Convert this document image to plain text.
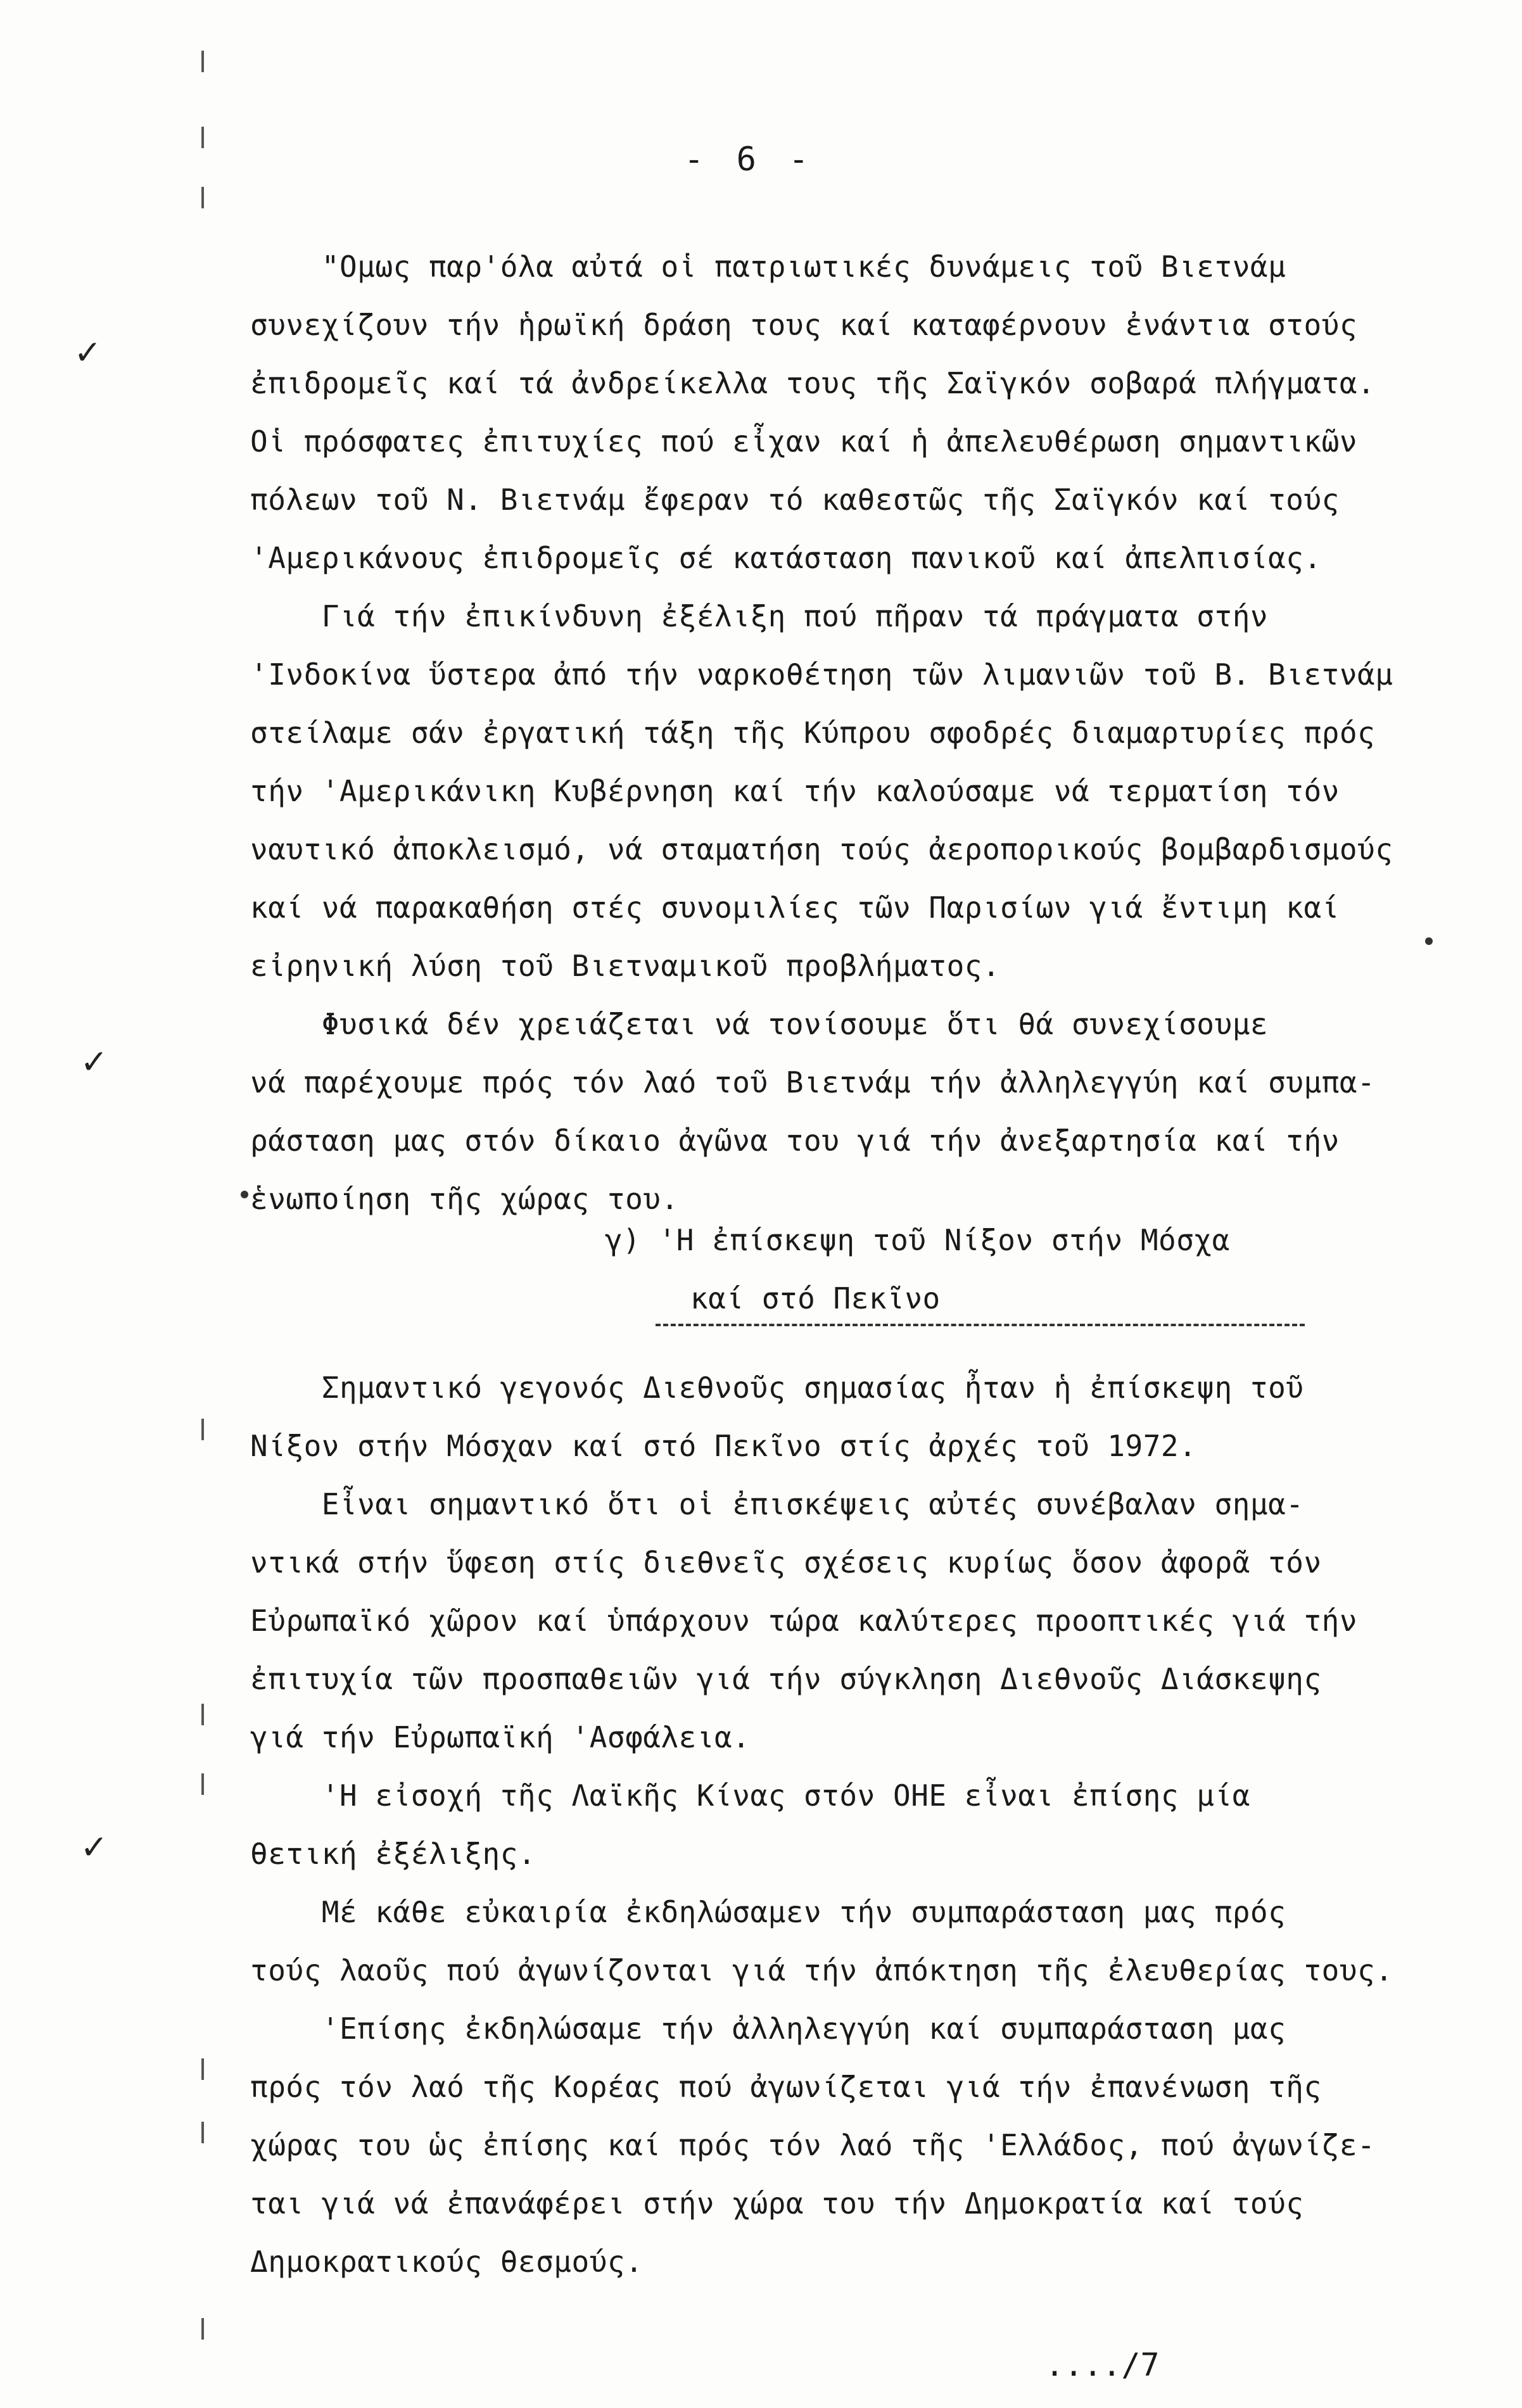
- 6 -
"Ομως παρ'όλα αὐτά οἱ πατριωτικές δυνάμεις τοῦ Βιετνάμ
συνεχίζουν τήν ἡρωϊκή δράση τους καί καταφέρνουν ἐνάντια στούς
ἐπιδρομεῖς καί τά ἀνδρείκελλα τους τῆς Σαϊγκόν σοβαρά πλήγματα.
Οἱ πρόσφατες ἐπιτυχίες πού εἶχαν καί ἡ ἀπελευθέρωση σημαντικῶν
πόλεων τοῦ Ν. Βιετνάμ ἔφεραν τό καθεστῶς τῆς Σαϊγκόν καί τούς
'Αμερικάνους ἐπιδρομεῖς σέ κατάσταση πανικοῦ καί ἀπελπισίας.
Γιά τήν ἐπικίνδυνη ἐξέλιξη πού πῆραν τά πράγματα στήν
'Ινδοκίνα ὕστερα ἀπό τήν ναρκοθέτηση τῶν λιμανιῶν τοῦ Β. Βιετνάμ
στείλαμε σάν ἐργατική τάξη τῆς Κύπρου σφοδρές διαμαρτυρίες πρός
τήν 'Αμερικάνικη Κυβέρνηση καί τήν καλούσαμε νά τερματίση τόν
ναυτικό ἀποκλεισμό, νά σταματήση τούς ἀεροπορικούς βομβαρδισμούς
καί νά παρακαθήση στές συνομιλίες τῶν Παρισίων γιά ἔντιμη καί
εἰρηνική λύση τοῦ Βιετναμικοῦ προβλήματος.
Φυσικά δέν χρειάζεται νά τονίσουμε ὅτι θά συνεχίσουμε
νά παρέχουμε πρός τόν λαό τοῦ Βιετνάμ τήν ἀλληλεγγύη καί συμπα-
ράσταση μας στόν δίκαιο ἀγῶνα του γιά τήν ἀνεξαρτησία καί τήν
ἑνωποίηση τῆς χώρας του.
γ) 'Η ἐπίσκεψη τοῦ Νίξον στήν Μόσχα
καί στό Πεκῖνο
Σημαντικό γεγονός Διεθνοῦς σημασίας ἦταν ἡ ἐπίσκεψη τοῦ
Νίξον στήν Μόσχαν καί στό Πεκῖνο στίς ἀρχές τοῦ 1972.
Εἶναι σημαντικό ὅτι οἱ ἐπισκέψεις αὐτές συνέβαλαν σημα-
ντικά στήν ὕφεση στίς διεθνεῖς σχέσεις κυρίως ὅσον ἀφορᾶ τόν
Εὐρωπαϊκό χῶρον καί ὑπάρχουν τώρα καλύτερες προοπτικές γιά τήν
ἐπιτυχία τῶν προσπαθειῶν γιά τήν σύγκληση Διεθνοῦς Διάσκεψης
γιά τήν Εὐρωπαϊκή 'Ασφάλεια.
'Η εἰσοχή τῆς Λαϊκῆς Κίνας στόν ΟΗΕ εἶναι ἐπίσης μία
θετική ἐξέλιξης.
Μέ κάθε εὐκαιρία ἐκδηλώσαμεν τήν συμπαράσταση μας πρός
τούς λαοῦς πού ἀγωνίζονται γιά τήν ἀπόκτηση τῆς ἐλευθερίας τους.
'Επίσης ἐκδηλώσαμε τήν ἀλληλεγγύη καί συμπαράσταση μας
πρός τόν λαό τῆς Κορέας πού ἀγωνίζεται γιά τήν ἐπανένωση τῆς
χώρας του ὡς ἐπίσης καί πρός τόν λαό τῆς 'Ελλάδος, πού ἀγωνίζε-
ται γιά νά ἐπανάφέρει στήν χώρα του τήν Δημοκρατία καί τούς
Δημοκρατικούς θεσμούς.
..../7
✓
✓
✓
